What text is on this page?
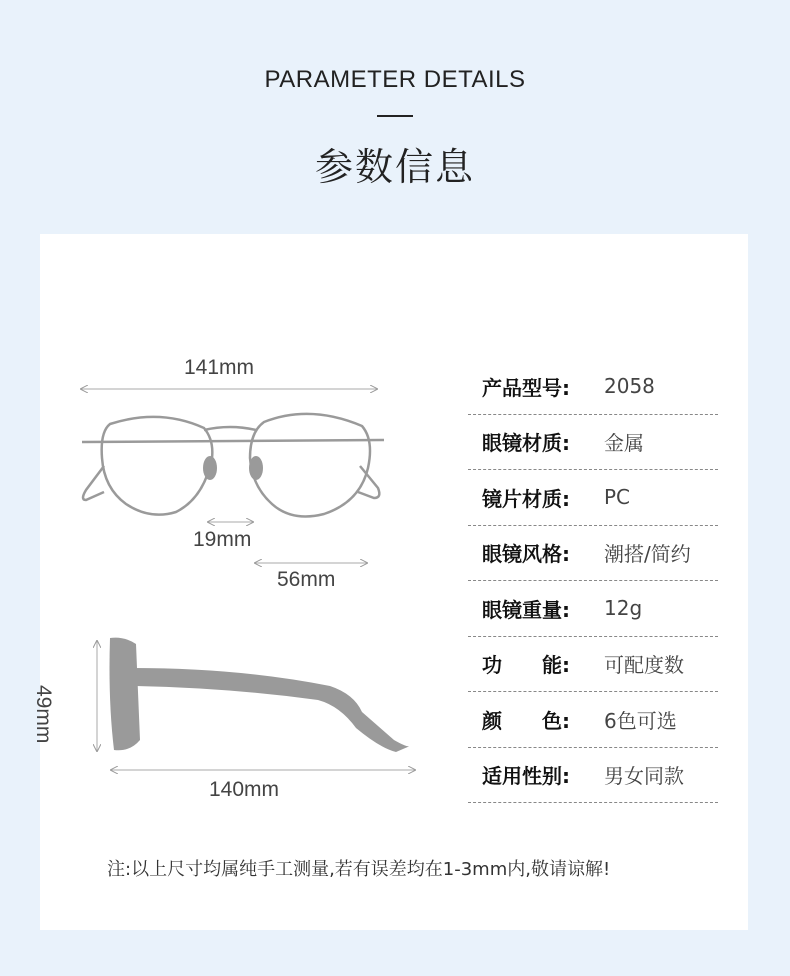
PARAMETER DETAILS
参数信息
141mm
19mm
56mm
49mm
140mm
产品型号:	2058
眼镜材质:	金属
镜片材质:	PC
眼镜风格:	潮搭/简约
眼镜重量:	12g
功　　能:	可配度数
颜　　色:	6色可选
适用性别:	男女同款
注:以上尺寸均属纯手工测量,若有误差均在1-3mm内,敬请谅解!
